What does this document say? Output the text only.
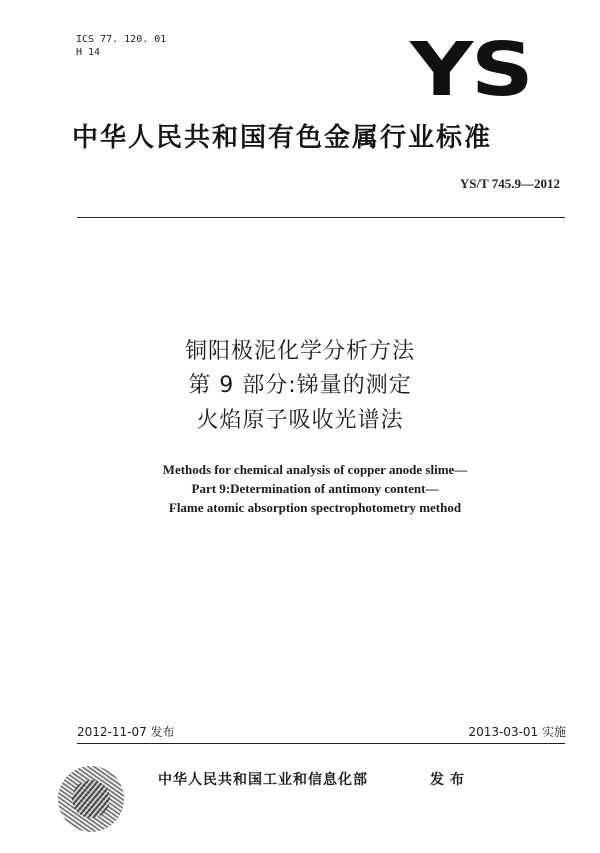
ICS 77. 120. 01
H 14	YS
中华人民共和国有色金属行业标准
YS/T 745.9—2012
铜阳极泥化学分析方法
第 9 部分:锑量的测定
火焰原子吸收光谱法
Methods for chemical analysis of copper anode slime—
Part 9:Determination of antimony content—
Flame atomic absorption spectrophotometry method
2012-11-07 发布	2013-03-01 实施
中华人民共和国工业和信息化部	发布
